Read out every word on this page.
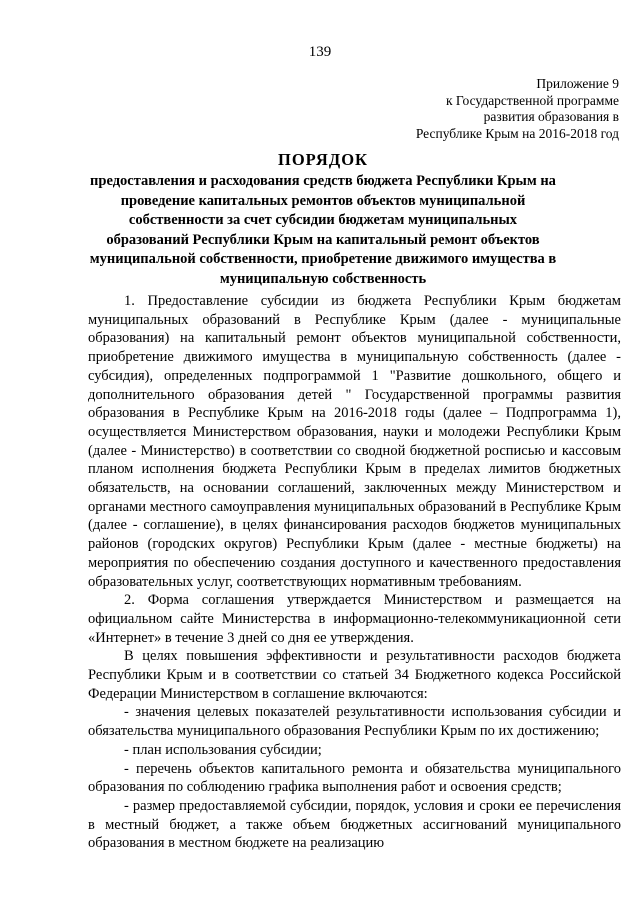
139
Приложение 9
к Государственной программе
развития образования в
Республике Крым на 2016-2018 год
ПОРЯДОК
предоставления и расходования средств бюджета Республики Крым на проведение капитальных ремонтов объектов муниципальной собственности за счет субсидии бюджетам муниципальных образований Республики Крым на капитальный ремонт объектов муниципальной собственности, приобретение движимого имущества в муниципальную собственность

1. Предоставление субсидии из бюджета Республики Крым бюджетам муниципальных образований в Республике Крым (далее - муниципальные образования) на капитальный ремонт объектов муниципальной собственности, приобретение движимого имущества в муниципальную собственность (далее - субсидия), определенных подпрограммой 1 "Развитие дошкольного, общего и дополнительного образования детей " Государственной программы развития образования в Республике Крым на 2016-2018 годы (далее – Подпрограмма 1), осуществляется Министерством образования, науки и молодежи Республики Крым (далее - Министерство) в соответствии со сводной бюджетной росписью и кассовым планом исполнения бюджета Республики Крым в пределах лимитов бюджетных обязательств, на основании соглашений, заключенных между Министерством и органами местного самоуправления муниципальных образований в Республике Крым (далее - соглашение), в целях финансирования расходов бюджетов муниципальных районов (городских округов) Республики Крым (далее - местные бюджеты) на мероприятия по обеспечению создания доступного и качественного предоставления образовательных услуг, соответствующих нормативным требованиям.

2. Форма соглашения утверждается Министерством и размещается на официальном сайте Министерства в информационно-телекоммуникационной сети «Интернет» в течение 3 дней со дня ее утверждения.

В целях повышения эффективности и результативности расходов бюджета Республики Крым и в соответствии со статьей 34 Бюджетного кодекса Российской Федерации Министерством в соглашение включаются:

- значения целевых показателей результативности использования субсидии и обязательства муниципального образования Республики Крым по их достижению;

- план использования субсидии;

- перечень объектов капитального ремонта и обязательства муниципального образования по соблюдению графика выполнения работ и освоения средств;

- размер предоставляемой субсидии, порядок, условия и сроки ее перечисления в местный бюджет, а также объем бюджетных ассигнований муниципального образования в местном бюджете на реализацию
